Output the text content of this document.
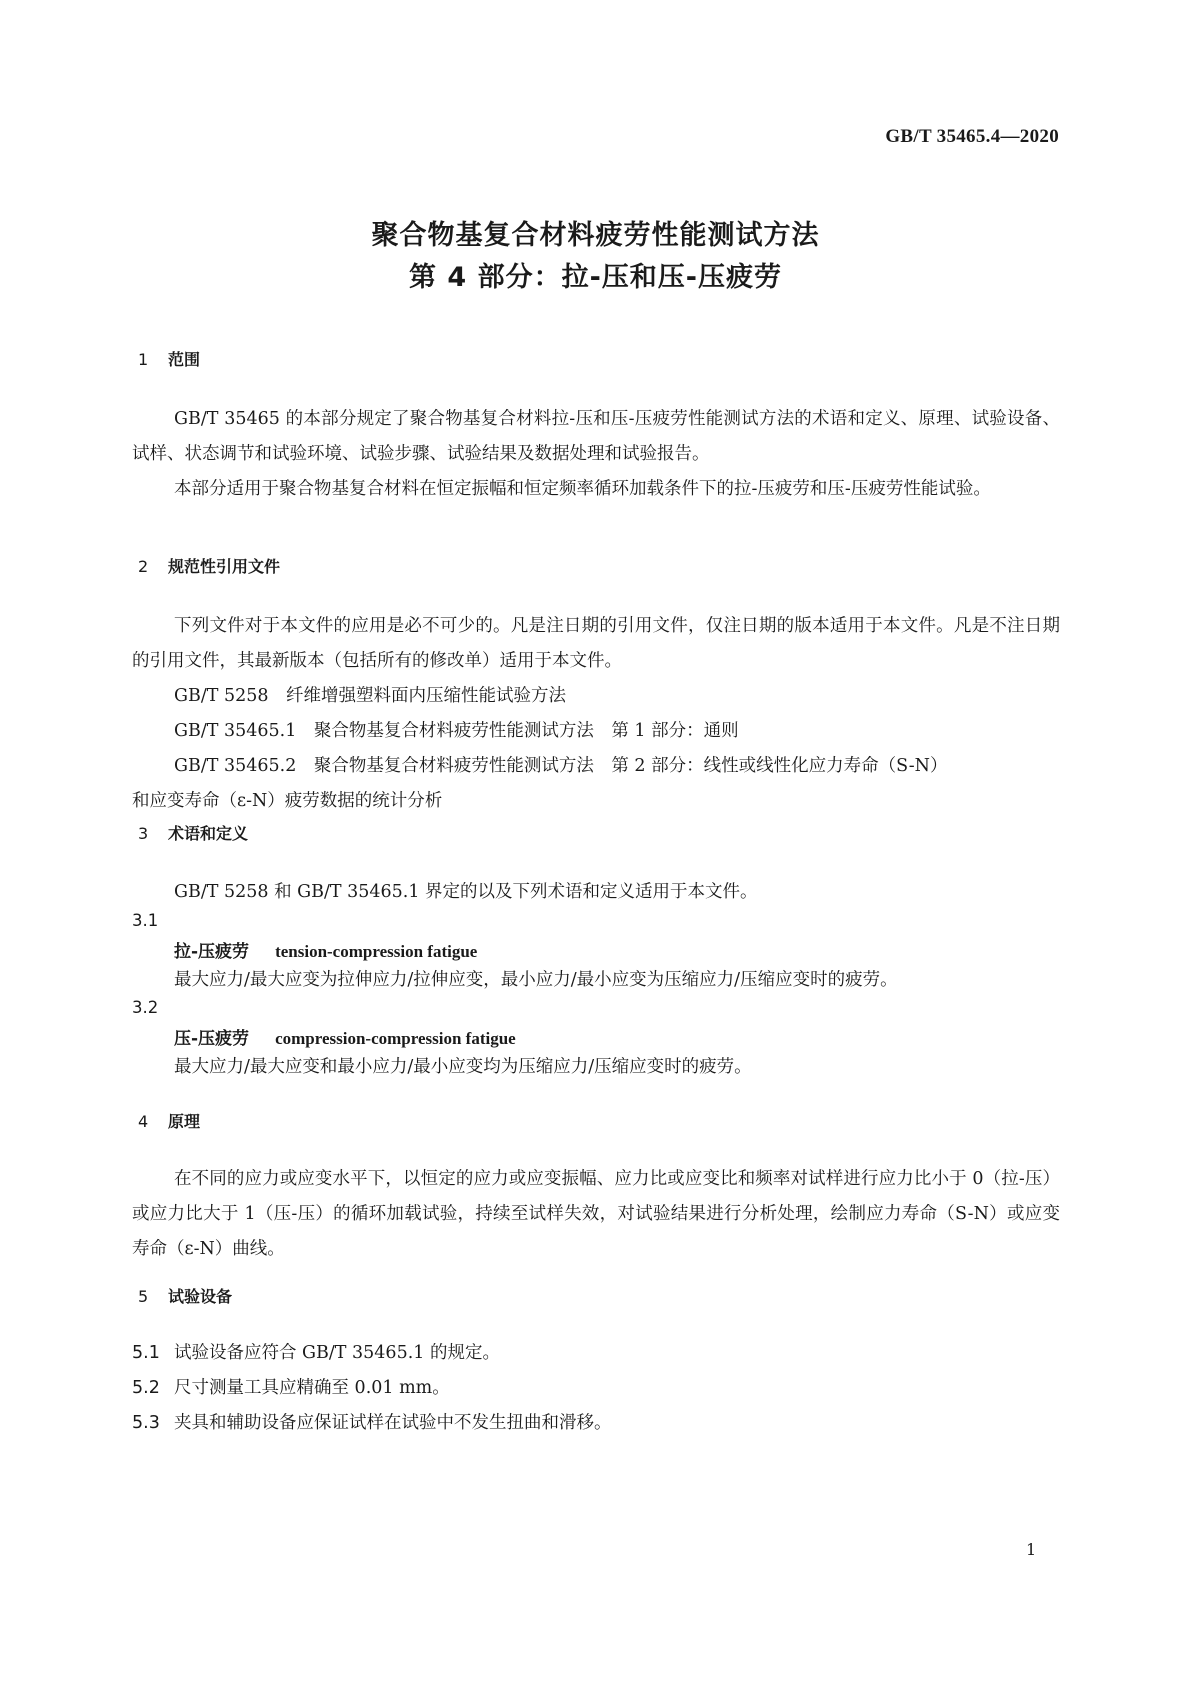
GB/T 35465.4—2020
聚合物基复合材料疲劳性能测试方法
第 4 部分：拉-压和压-压疲劳
1 范围
GB/T 35465 的本部分规定了聚合物基复合材料拉-压和压-压疲劳性能测试方法的术语和定义、原理、试验设备、试样、状态调节和试验环境、试验步骤、试验结果及数据处理和试验报告。
本部分适用于聚合物基复合材料在恒定振幅和恒定频率循环加载条件下的拉-压疲劳和压-压疲劳性能试验。
2 规范性引用文件
下列文件对于本文件的应用是必不可少的。凡是注日期的引用文件，仅注日期的版本适用于本文件。凡是不注日期的引用文件，其最新版本（包括所有的修改单）适用于本文件。
GB/T 5258　纤维增强塑料面内压缩性能试验方法
GB/T 35465.1　聚合物基复合材料疲劳性能测试方法　第 1 部分：通则
GB/T 35465.2　聚合物基复合材料疲劳性能测试方法　第 2 部分：线性或线性化应力寿命（S-N）
和应变寿命（ε-N）疲劳数据的统计分析
3 术语和定义
GB/T 5258 和 GB/T 35465.1 界定的以及下列术语和定义适用于本文件。
3.1
拉-压疲劳 tension-compression fatigue
最大应力/最大应变为拉伸应力/拉伸应变，最小应力/最小应变为压缩应力/压缩应变时的疲劳。
3.2
压-压疲劳 compression-compression fatigue
最大应力/最大应变和最小应力/最小应变均为压缩应力/压缩应变时的疲劳。
4 原理
在不同的应力或应变水平下，以恒定的应力或应变振幅、应力比或应变比和频率对试样进行应力比小于 0（拉-压）或应力比大于 1（压-压）的循环加载试验，持续至试样失效，对试验结果进行分析处理，绘制应力寿命（S-N）或应变寿命（ε-N）曲线。
5 试验设备
5.1 试验设备应符合 GB/T 35465.1 的规定。
5.2 尺寸测量工具应精确至 0.01 mm。
5.3 夹具和辅助设备应保证试样在试验中不发生扭曲和滑移。
1
